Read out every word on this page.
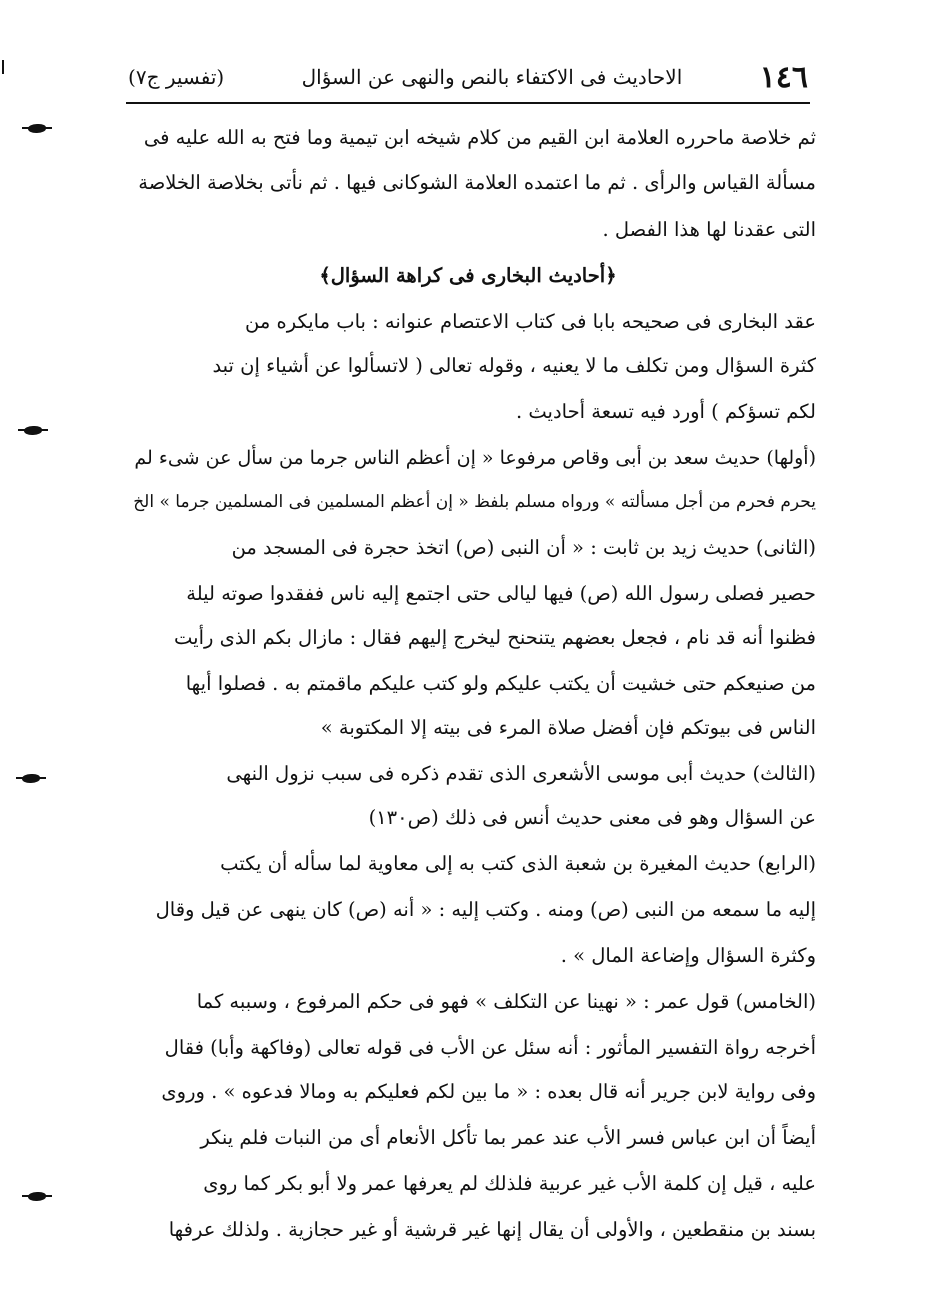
١٤٦
الاحاديث فى الاكتفاء بالنص والنهى عن السؤال
(تفسير ج٧)
ثم خلاصة ماحرره العلامة ابن القيم من كلام شيخه ابن تيمية وما فتح به الله عليه فى
مسألة القياس والرأى . ثم ما اعتمده العلامة الشوكانى فيها . ثم نأتى بخلاصة الخلاصة
التى عقدنا لها هذا الفصل .
﴿أحاديث البخارى فى كراهة السؤال﴾
عقد البخارى فى صحيحه بابا فى كتاب الاعتصام عنوانه : باب مايكره من
كثرة السؤال ومن تكلف ما لا يعنيه ، وقوله تعالى ( لاتسألوا عن أشياء إن تبد
لكم تسؤكم ) أورد فيه تسعة أحاديث .
(أولها) حديث سعد بن أبى وقاص مرفوعا « إن أعظم الناس جرما من سأل عن شىء لم
يحرم فحرم من أجل مسألته » ورواه مسلم بلفظ « إن أعظم المسلمين فى المسلمين جرما » الخ
(الثانى) حديث زيد بن ثابت : « أن النبى (ص) اتخذ حجرة فى المسجد من
حصير فصلى رسول الله (ص) فيها ليالى حتى اجتمع إليه ناس ففقدوا صوته ليلة
فظنوا أنه قد نام ، فجعل بعضهم يتنحنح ليخرج إليهم فقال : مازال بكم الذى رأيت
من صنيعكم حتى خشيت أن يكتب عليكم ولو كتب عليكم ماقمتم به . فصلوا أيها
الناس فى بيوتكم فإن أفضل صلاة المرء فى بيته إلا المكتوبة »
(الثالث) حديث أبى موسى الأشعرى الذى تقدم ذكره فى سبب نزول النهى
عن السؤال وهو فى معنى حديث أنس فى ذلك (ص١٣٠)
(الرابع) حديث المغيرة بن شعبة الذى كتب به إلى معاوية لما سأله أن يكتب
إليه ما سمعه من النبى (ص) ومنه . وكتب إليه : « أنه (ص) كان ينهى عن قيل وقال
وكثرة السؤال وإضاعة المال » .
(الخامس) قول عمر : « نهينا عن التكلف » فهو فى حكم المرفوع ، وسببه كما
أخرجه رواة التفسير المأثور : أنه سئل عن الأب فى قوله تعالى (وفاكهة وأبا) فقال
وفى رواية لابن جرير أنه قال بعده : « ما بين لكم فعليكم به ومالا فدعوه » . وروى
أيضاً أن ابن عباس فسر الأب عند عمر بما تأكل الأنعام أى من النبات فلم ينكر
عليه ، قيل إن كلمة الأب غير عربية فلذلك لم يعرفها عمر ولا أبو بكر كما روى
بسند بن منقطعين ، والأولى أن يقال إنها غير قرشية أو غير حجازية . ولذلك عرفها
